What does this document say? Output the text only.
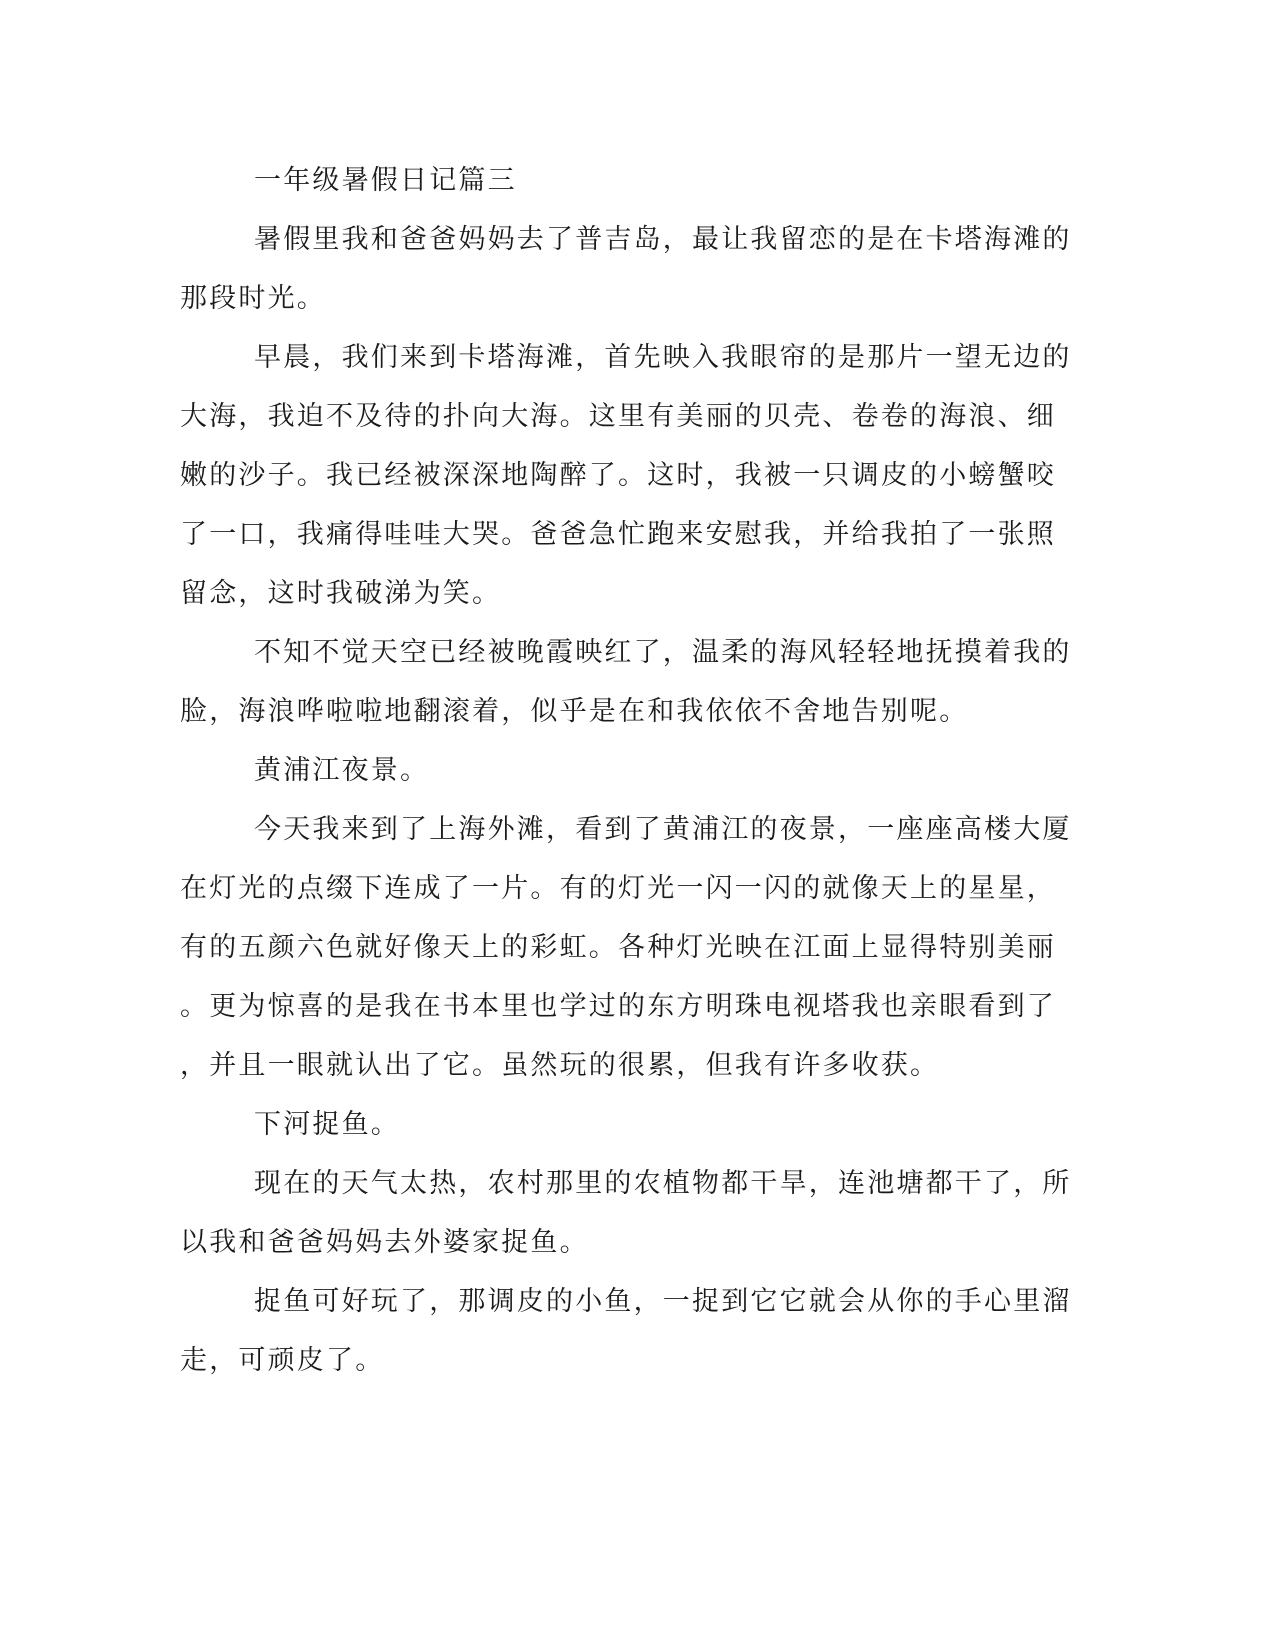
一年级暑假日记篇三

暑假里我和爸爸妈妈去了普吉岛，最让我留恋的是在卡塔海滩的

那段时光。

早晨，我们来到卡塔海滩，首先映入我眼帘的是那片一望无边的

大海，我迫不及待的扑向大海。这里有美丽的贝壳、卷卷的海浪、细

嫩的沙子。我已经被深深地陶醉了。这时，我被一只调皮的小螃蟹咬

了一口，我痛得哇哇大哭。爸爸急忙跑来安慰我，并给我拍了一张照

留念，这时我破涕为笑。

不知不觉天空已经被晚霞映红了，温柔的海风轻轻地抚摸着我的

脸，海浪哗啦啦地翻滚着，似乎是在和我依依不舍地告别呢。

黄浦江夜景。

今天我来到了上海外滩，看到了黄浦江的夜景，一座座高楼大厦

在灯光的点缀下连成了一片。有的灯光一闪一闪的就像天上的星星，

有的五颜六色就好像天上的彩虹。各种灯光映在江面上显得特别美丽

。更为惊喜的是我在书本里也学过的东方明珠电视塔我也亲眼看到了

，并且一眼就认出了它。虽然玩的很累，但我有许多收获。

下河捉鱼。

现在的天气太热，农村那里的农植物都干旱，连池塘都干了，所

以我和爸爸妈妈去外婆家捉鱼。

捉鱼可好玩了，那调皮的小鱼，一捉到它它就会从你的手心里溜

走，可顽皮了。
